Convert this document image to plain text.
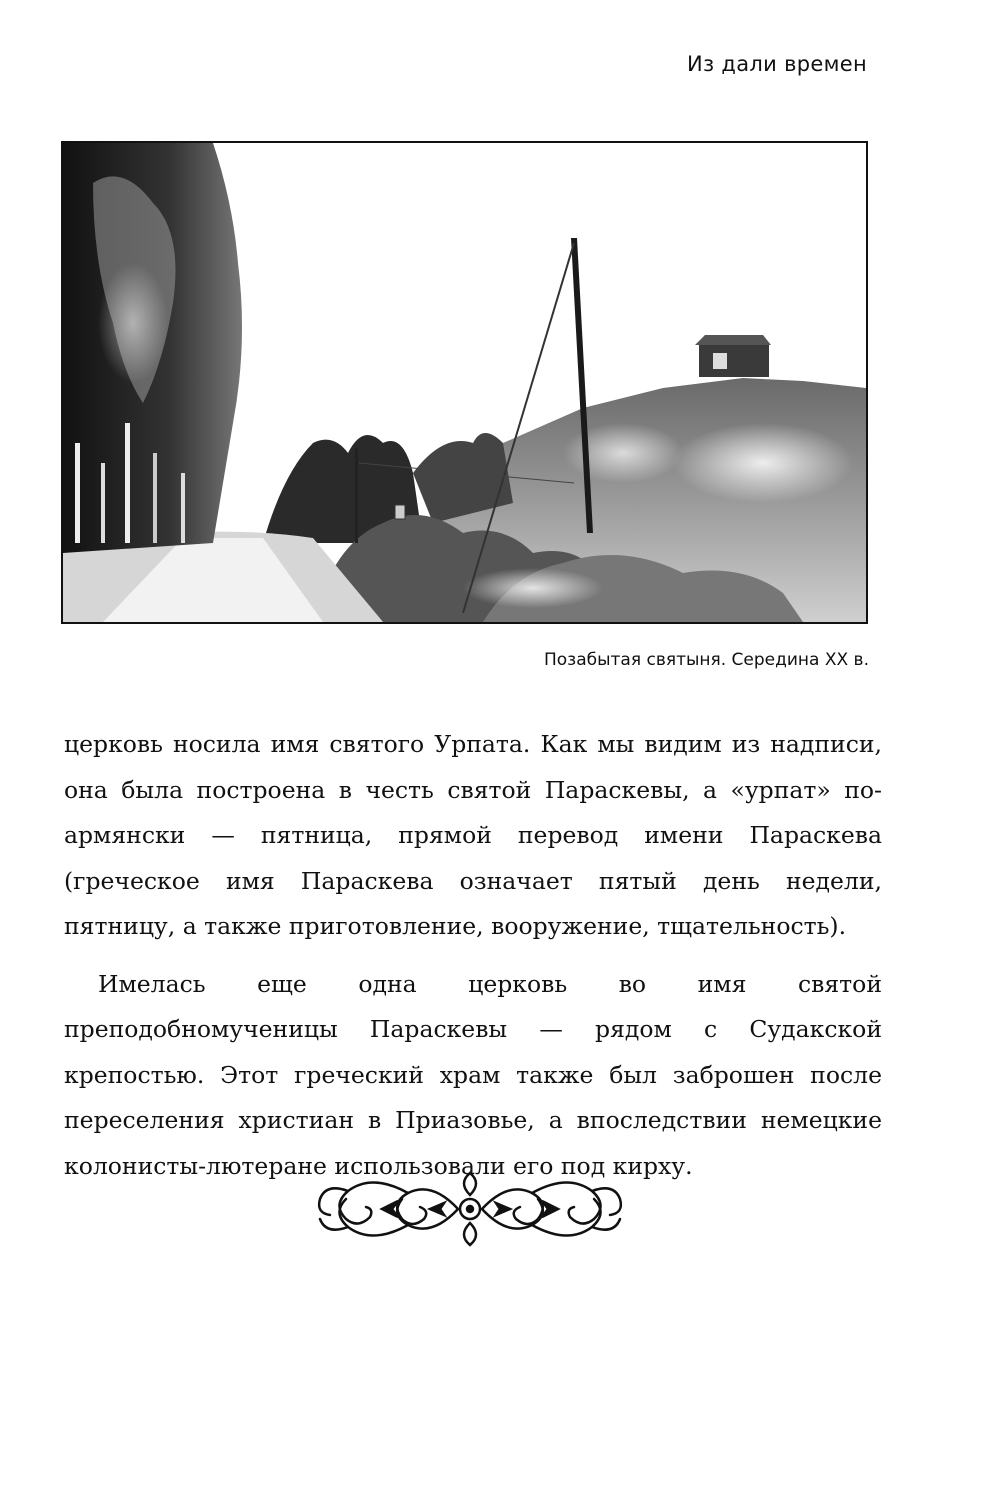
Из дали времен
Позабытая святыня. Середина XX в.

церковь носила имя святого Урпата. Как мы видим из надписи, она была построена в честь святой Параскевы, а «урпат» по-армянски — пятница, прямой перевод имени Параскева (греческое имя Параскева означает пятый день недели, пятницу, а также приготовление, вооружение, тщательность).

Имелась еще одна церковь во имя святой преподобномученицы Параскевы — рядом с Судакской крепостью. Этот греческий храм также был заброшен после переселения христиан в Приазовье, а впоследствии немецкие колонисты-лютеране использовали его под кирху.
